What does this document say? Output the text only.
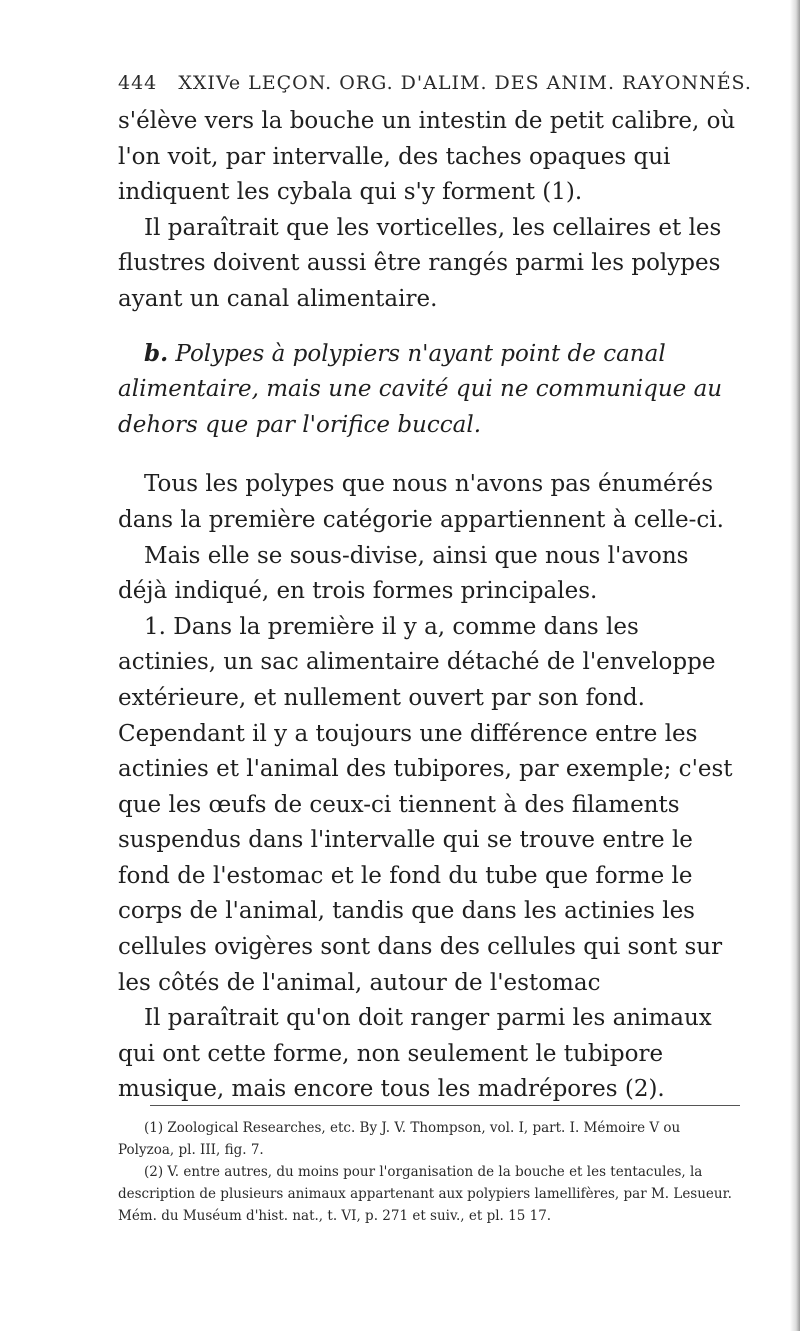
444 XXIVe LEÇON. ORG. D'ALIM. DES ANIM. RAYONNÉS.

s'élève vers la bouche un intestin de petit calibre, où l'on voit, par intervalle, des taches opaques qui indiquent les cybala qui s'y forment (1).

Il paraîtrait que les vorticelles, les cellaires et les flustres doivent aussi être rangés parmi les polypes ayant un canal alimentaire.

b. Polypes à polypiers n'ayant point de canal alimentaire, mais une cavité qui ne communique au dehors que par l'orifice buccal.

Tous les polypes que nous n'avons pas énumérés dans la première catégorie appartiennent à celle-ci.

Mais elle se sous-divise, ainsi que nous l'avons déjà indiqué, en trois formes principales.

1. Dans la première il y a, comme dans les actinies, un sac alimentaire détaché de l'enveloppe extérieure, et nullement ouvert par son fond. Cependant il y a toujours une différence entre les actinies et l'animal des tubipores, par exemple; c'est que les œufs de ceux-ci tiennent à des filaments suspendus dans l'intervalle qui se trouve entre le fond de l'estomac et le fond du tube que forme le corps de l'animal, tandis que dans les actinies les cellules ovigères sont dans des cellules qui sont sur les côtés de l'animal, autour de l'estomac

Il paraîtrait qu'on doit ranger parmi les animaux qui ont cette forme, non seulement le tubipore musique, mais encore tous les madrépores (2).

(1) Zoological Researches, etc. By J. V. Thompson, vol. I, part. I. Mémoire V ou Polyzoa, pl. III, fig. 7.

(2) V. entre autres, du moins pour l'organisation de la bouche et les tentacules, la description de plusieurs animaux appartenant aux polypiers lamellifères, par M. Lesueur. Mém. du Muséum d'hist. nat., t. VI, p. 271 et suiv., et pl. 15 17.
